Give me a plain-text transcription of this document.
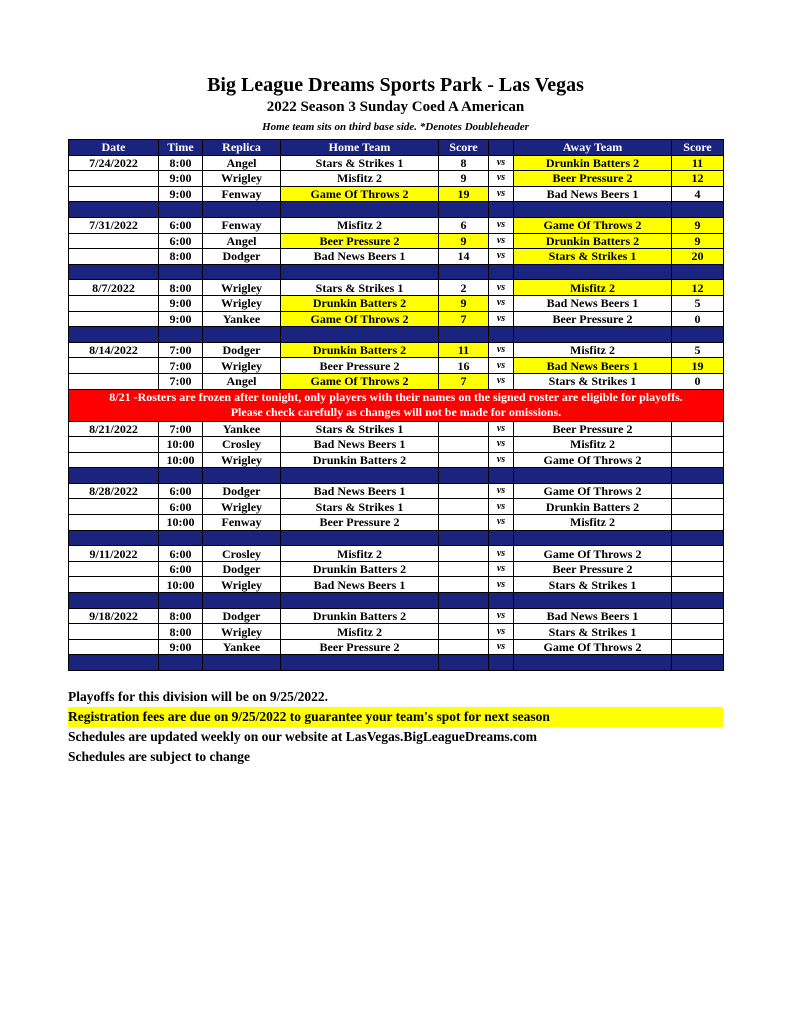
Big League Dreams Sports Park - Las Vegas
2022 Season 3 Sunday Coed A American
Home team sits on third base side. *Denotes Doubleheader
Date	Time	Replica	Home Team	Score		Away Team	Score
7/24/2022	8:00	Angel	Stars & Strikes 1	8	vs	Drunkin Batters 2	11
	9:00	Wrigley	Misfitz 2	9	vs	Beer Pressure 2	12
	9:00	Fenway	Game Of Throws 2	19	vs	Bad News Beers 1	4

7/31/2022	6:00	Fenway	Misfitz 2	6	vs	Game Of Throws 2	9
	6:00	Angel	Beer Pressure 2	9	vs	Drunkin Batters 2	9
	8:00	Dodger	Bad News Beers 1	14	vs	Stars & Strikes 1	20

8/7/2022	8:00	Wrigley	Stars & Strikes 1	2	vs	Misfitz 2	12
	9:00	Wrigley	Drunkin Batters 2	9	vs	Bad News Beers 1	5
	9:00	Yankee	Game Of Throws 2	7	vs	Beer Pressure 2	0

8/14/2022	7:00	Dodger	Drunkin Batters 2	11	vs	Misfitz 2	5
	7:00	Wrigley	Beer Pressure 2	16	vs	Bad News Beers 1	19
	7:00	Angel	Game Of Throws 2	7	vs	Stars & Strikes 1	0

8/21 -Rosters are frozen after tonight, only players with their names on the signed roster are eligible for playoffs.
Please check carefully as changes will not be made for omissions.							

8/21/2022	7:00	Yankee	Stars & Strikes 1		vs	Beer Pressure 2	
	10:00	Crosley	Bad News Beers 1		vs	Misfitz 2	
	10:00	Wrigley	Drunkin Batters 2		vs	Game Of Throws 2	

8/28/2022	6:00	Dodger	Bad News Beers 1		vs	Game Of Throws 2	
	6:00	Wrigley	Stars & Strikes 1		vs	Drunkin Batters 2	
	10:00	Fenway	Beer Pressure 2		vs	Misfitz 2	

9/11/2022	6:00	Crosley	Misfitz 2		vs	Game Of Throws 2	
	6:00	Dodger	Drunkin Batters 2		vs	Beer Pressure 2	
	10:00	Wrigley	Bad News Beers 1		vs	Stars & Strikes 1	

9/18/2022	8:00	Dodger	Drunkin Batters 2		vs	Bad News Beers 1	
	8:00	Wrigley	Misfitz 2		vs	Stars & Strikes 1	
	9:00	Yankee	Beer Pressure 2		vs	Game Of Throws 2	

Playoffs for this division will be on 9/25/2022.
Registration fees are due on 9/25/2022 to guarantee your team's spot for next season
Schedules are updated weekly on our website at LasVegas.BigLeagueDreams.com
Schedules are subject to change
